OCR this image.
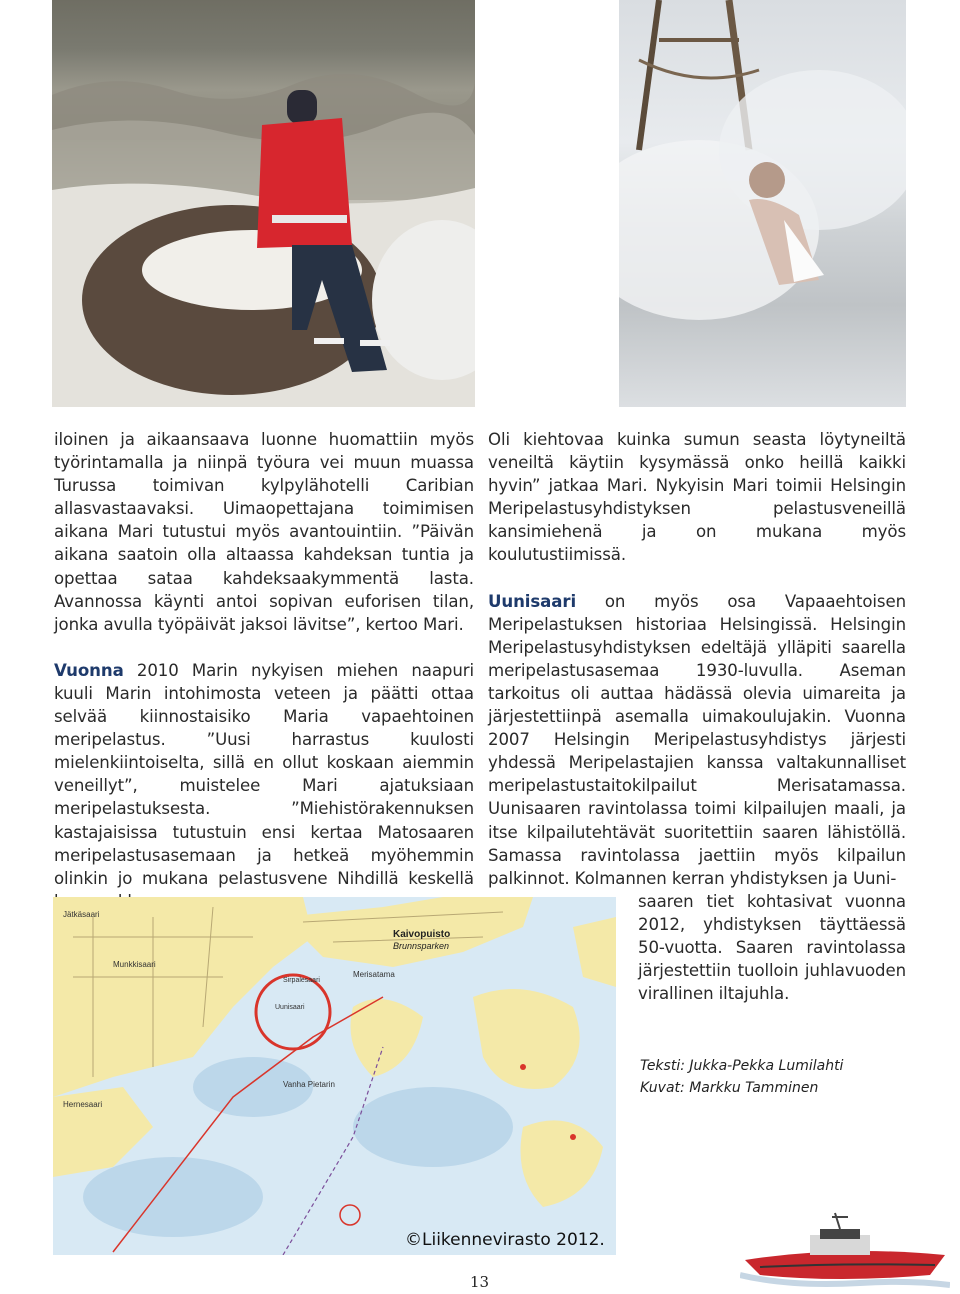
iloinen ja aikaansaava luonne huomattiin myös työrintamalla ja niinpä työura vei muun muassa Turussa toimivan kylpylähotelli Caribian allasvastaavaksi. Uimaopettajana toimimisen aikana Mari tutustui myös avantouintiin. ”Päivän aikana saatoin olla altaassa kahdeksan tuntia ja opettaa sataa kahdeksaakymmentä lasta. Avannossa käynti antoi sopivan euforisen tilan, jonka avulla työpäivät jaksoi lävitse”, kertoo Mari.

Vuonna 2010 Marin nykyisen miehen naapuri kuuli Marin intohimosta veteen ja päätti ottaa selvää kiinnostaisiko Maria vapaehtoinen meripelastus. ”Uusi harrastus kuulosti mielenkiintoiselta, sillä en ollut koskaan aiemmin veneillyt”, muistelee Mari ajatuksiaan meripelastuksesta. ”Miehistörakennuksen kastajaisissa tutustuin ensi kertaa Matosaaren meripelastusasemaan ja hetkeä myöhemmin olinkin jo mukana pelastusvene Nihdillä keskellä

Oli kiehtovaa kuinka sumun seasta löytyneiltä veneiltä käytiin kysymässä onko heillä kaikki hyvin” jatkaa Mari. Nykyisin Mari toimii Helsingin Meripelastusyhdistyksen pelastusveneillä kansimiehenä ja on mukana myös koulutustiimissä.

Uunisaari on myös osa Vapaaehtoisen Meripelastuksen historiaa Helsingissä. Helsingin Meripelastusyhdistyksen edeltäjä ylläpiti saarella meripelastusasemaa 1930-luvulla. Aseman tarkoitus oli auttaa hädässä olevia uimareita ja järjestettiinpä asemalla uimakoulujakin. Vuonna 2007 Helsingin Meripelastusyhdistys järjesti yhdessä Meripelastajien kanssa valtakunnalliset meripelastustaitokilpailut Merisatamassa. Uunisaaren ravintolassa toimi kilpailujen maali, ja itse kilpailutehtävät suoritettiin saaren lähistöllä. Samassa ravintolassa jaettiin myös kilpailun palkinnot. Kolmannen kerran yhdistyksen ja Uuni-

saaren tiet kohtasivat vuonna 2012, yhdistyksen täyttäessä 50-vuotta. Saaren ravintolassa järjestettiin tuolloin juhlavuoden virallinen iltajuhla.

Kaivopuisto
Brunnsparken
Merisatama
Hernesaari
Munkkisaari
Uunisaari
Sirpalesaari
Vanha Pietarin
Jätkäsaari
Teksti: Jukka-Pekka Lumilahti
Kuvat: Markku Tamminen
©Liikennevirasto 2012.
13
